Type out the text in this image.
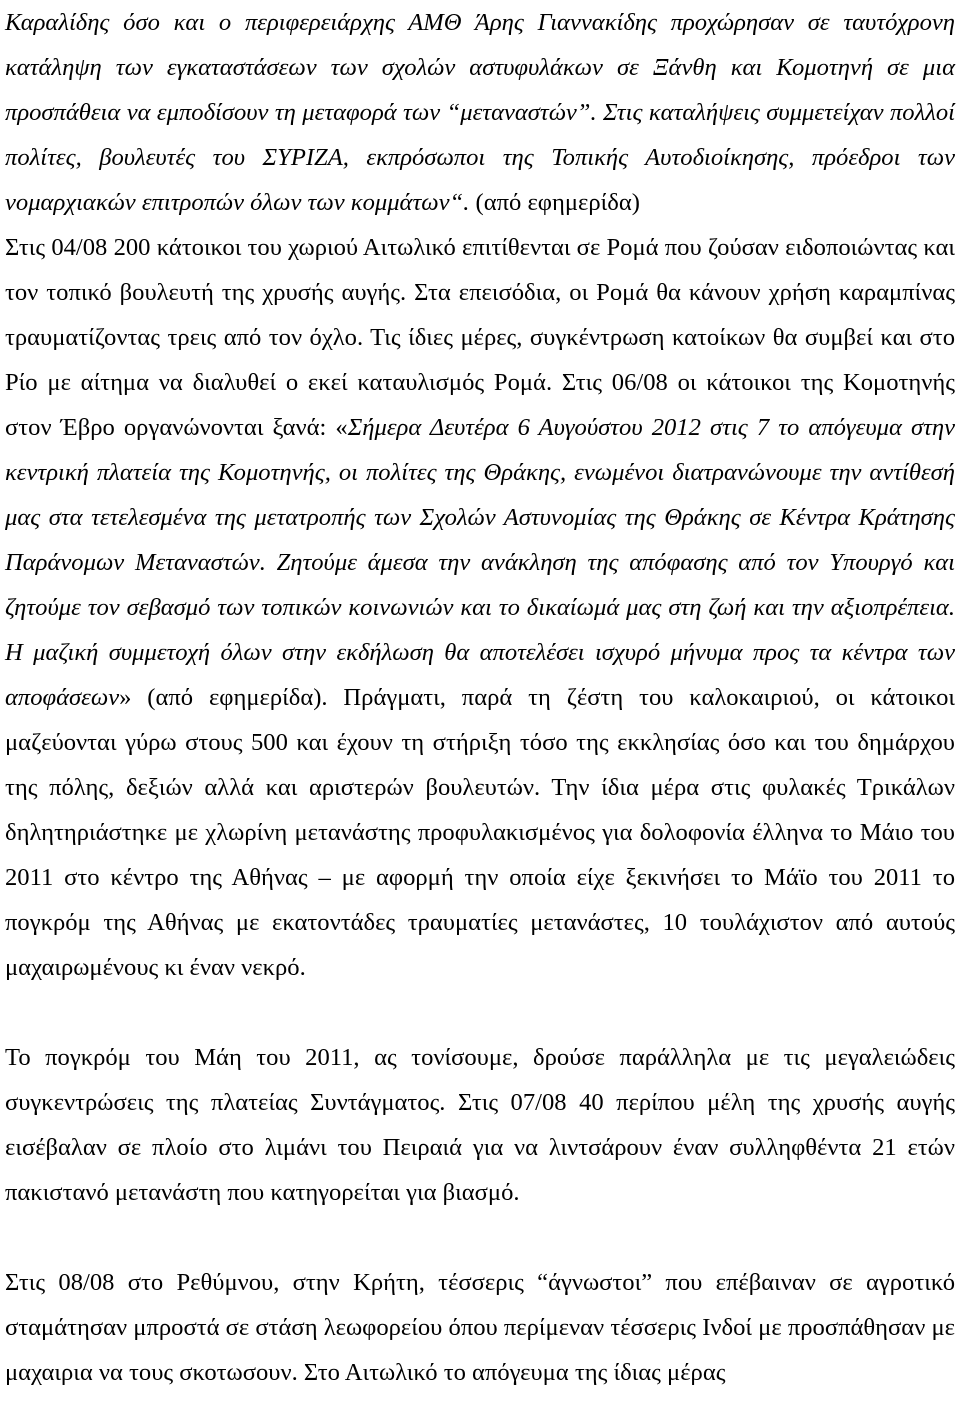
Καραλίδης όσο και ο περιφερειάρχης ΑΜΘ Άρης Γιαννακίδης προχώρησαν σε ταυτόχρονη κατάληψη των εγκαταστάσεων των σχολών αστυφυλάκων σε Ξάνθη και Κομοτηνή σε μια προσπάθεια να εμποδίσουν τη μεταφορά των “μεταναστών”. Στις καταλήψεις συμμετείχαν πολλοί πολίτες, βουλευτές του ΣΥΡΙΖΑ, εκπρόσωποι της Τοπικής Αυτοδιοίκησης, πρόεδροι των νομαρχιακών επιτροπών όλων των κομμάτων“. (από εφημερίδα)

Στις 04/08 200 κάτοικοι του χωριού Αιτωλικό επιτίθενται σε Ρομά που ζούσαν ειδοποιώντας και τον τοπικό βουλευτή της χρυσής αυγής. Στα επεισόδια, οι Ρομά θα κάνουν χρήση καραμπίνας τραυματίζοντας τρεις από τον όχλο. Τις ίδιες μέρες, συγκέντρωση κατοίκων θα συμβεί και στο Ρίο με αίτημα να διαλυθεί ο εκεί καταυλισμός Ρομά. Στις 06/08 οι κάτοικοι της Κομοτηνής στον Έβρο οργανώνονται ξανά: «Σήμερα Δευτέρα 6 Αυγούστου 2012 στις 7 το απόγευμα στην κεντρική πλατεία της Κομοτηνής, οι πολίτες της Θράκης, ενωμένοι διατρανώνουμε την αντίθεσή μας στα τετελεσμένα της μετατροπής των Σχολών Αστυνομίας της Θράκης σε Κέντρα Κράτησης Παράνομων Μεταναστών. Ζητούμε άμεσα την ανάκληση της απόφασης από τον Υπουργό και ζητούμε τον σεβασμό των τοπικών κοινωνιών και το δικαίωμά μας στη ζωή και την αξιοπρέπεια. Η μαζική συμμετοχή όλων στην εκδήλωση θα αποτελέσει ισχυρό μήνυμα προς τα κέντρα των αποφάσεων» (από εφημερίδα). Πράγματι, παρά τη ζέστη του καλοκαιριού, οι κάτοικοι μαζεύονται γύρω στους 500 και έχουν τη στήριξη τόσο της εκκλησίας όσο και του δημάρχου της πόλης, δεξιών αλλά και αριστερών βουλευτών. Την ίδια μέρα στις φυλακές Τρικάλων δηλητηριάστηκε με χλωρίνη μετανάστης προφυλακισμένος για δολοφονία έλληνα το Μάιο του 2011 στο κέντρο της Αθήνας – με αφορμή την οποία είχε ξεκινήσει το Μάϊο του 2011 το πογκρόμ της Αθήνας με εκατοντάδες τραυματίες μετανάστες, 10 τουλάχιστον από αυτούς μαχαιρωμένους κι έναν νεκρό.

Το πογκρόμ του Μάη του 2011, ας τονίσουμε, δρούσε παράλληλα με τις μεγαλειώδεις συγκεντρώσεις της πλατείας Συντάγματος. Στις 07/08 40 περίπου μέλη της χρυσής αυγής εισέβαλαν σε πλοίο στο λιμάνι του Πειραιά για να λιντσάρουν έναν συλληφθέντα 21 ετών πακιστανό μετανάστη που κατηγορείται για βιασμό.

Στις 08/08 στο Ρεθύμνου, στην Κρήτη, τέσσερις “άγνωστοι” που επέβαιναν σε αγροτικό σταμάτησαν μπροστά σε στάση λεωφορείου όπου περίμεναν τέσσερις Ινδοί με προσπάθησαν με μαχαιρια να τους σκοτωσουν. Στο Αιτωλικό το απόγευμα της ίδιας μέρας
